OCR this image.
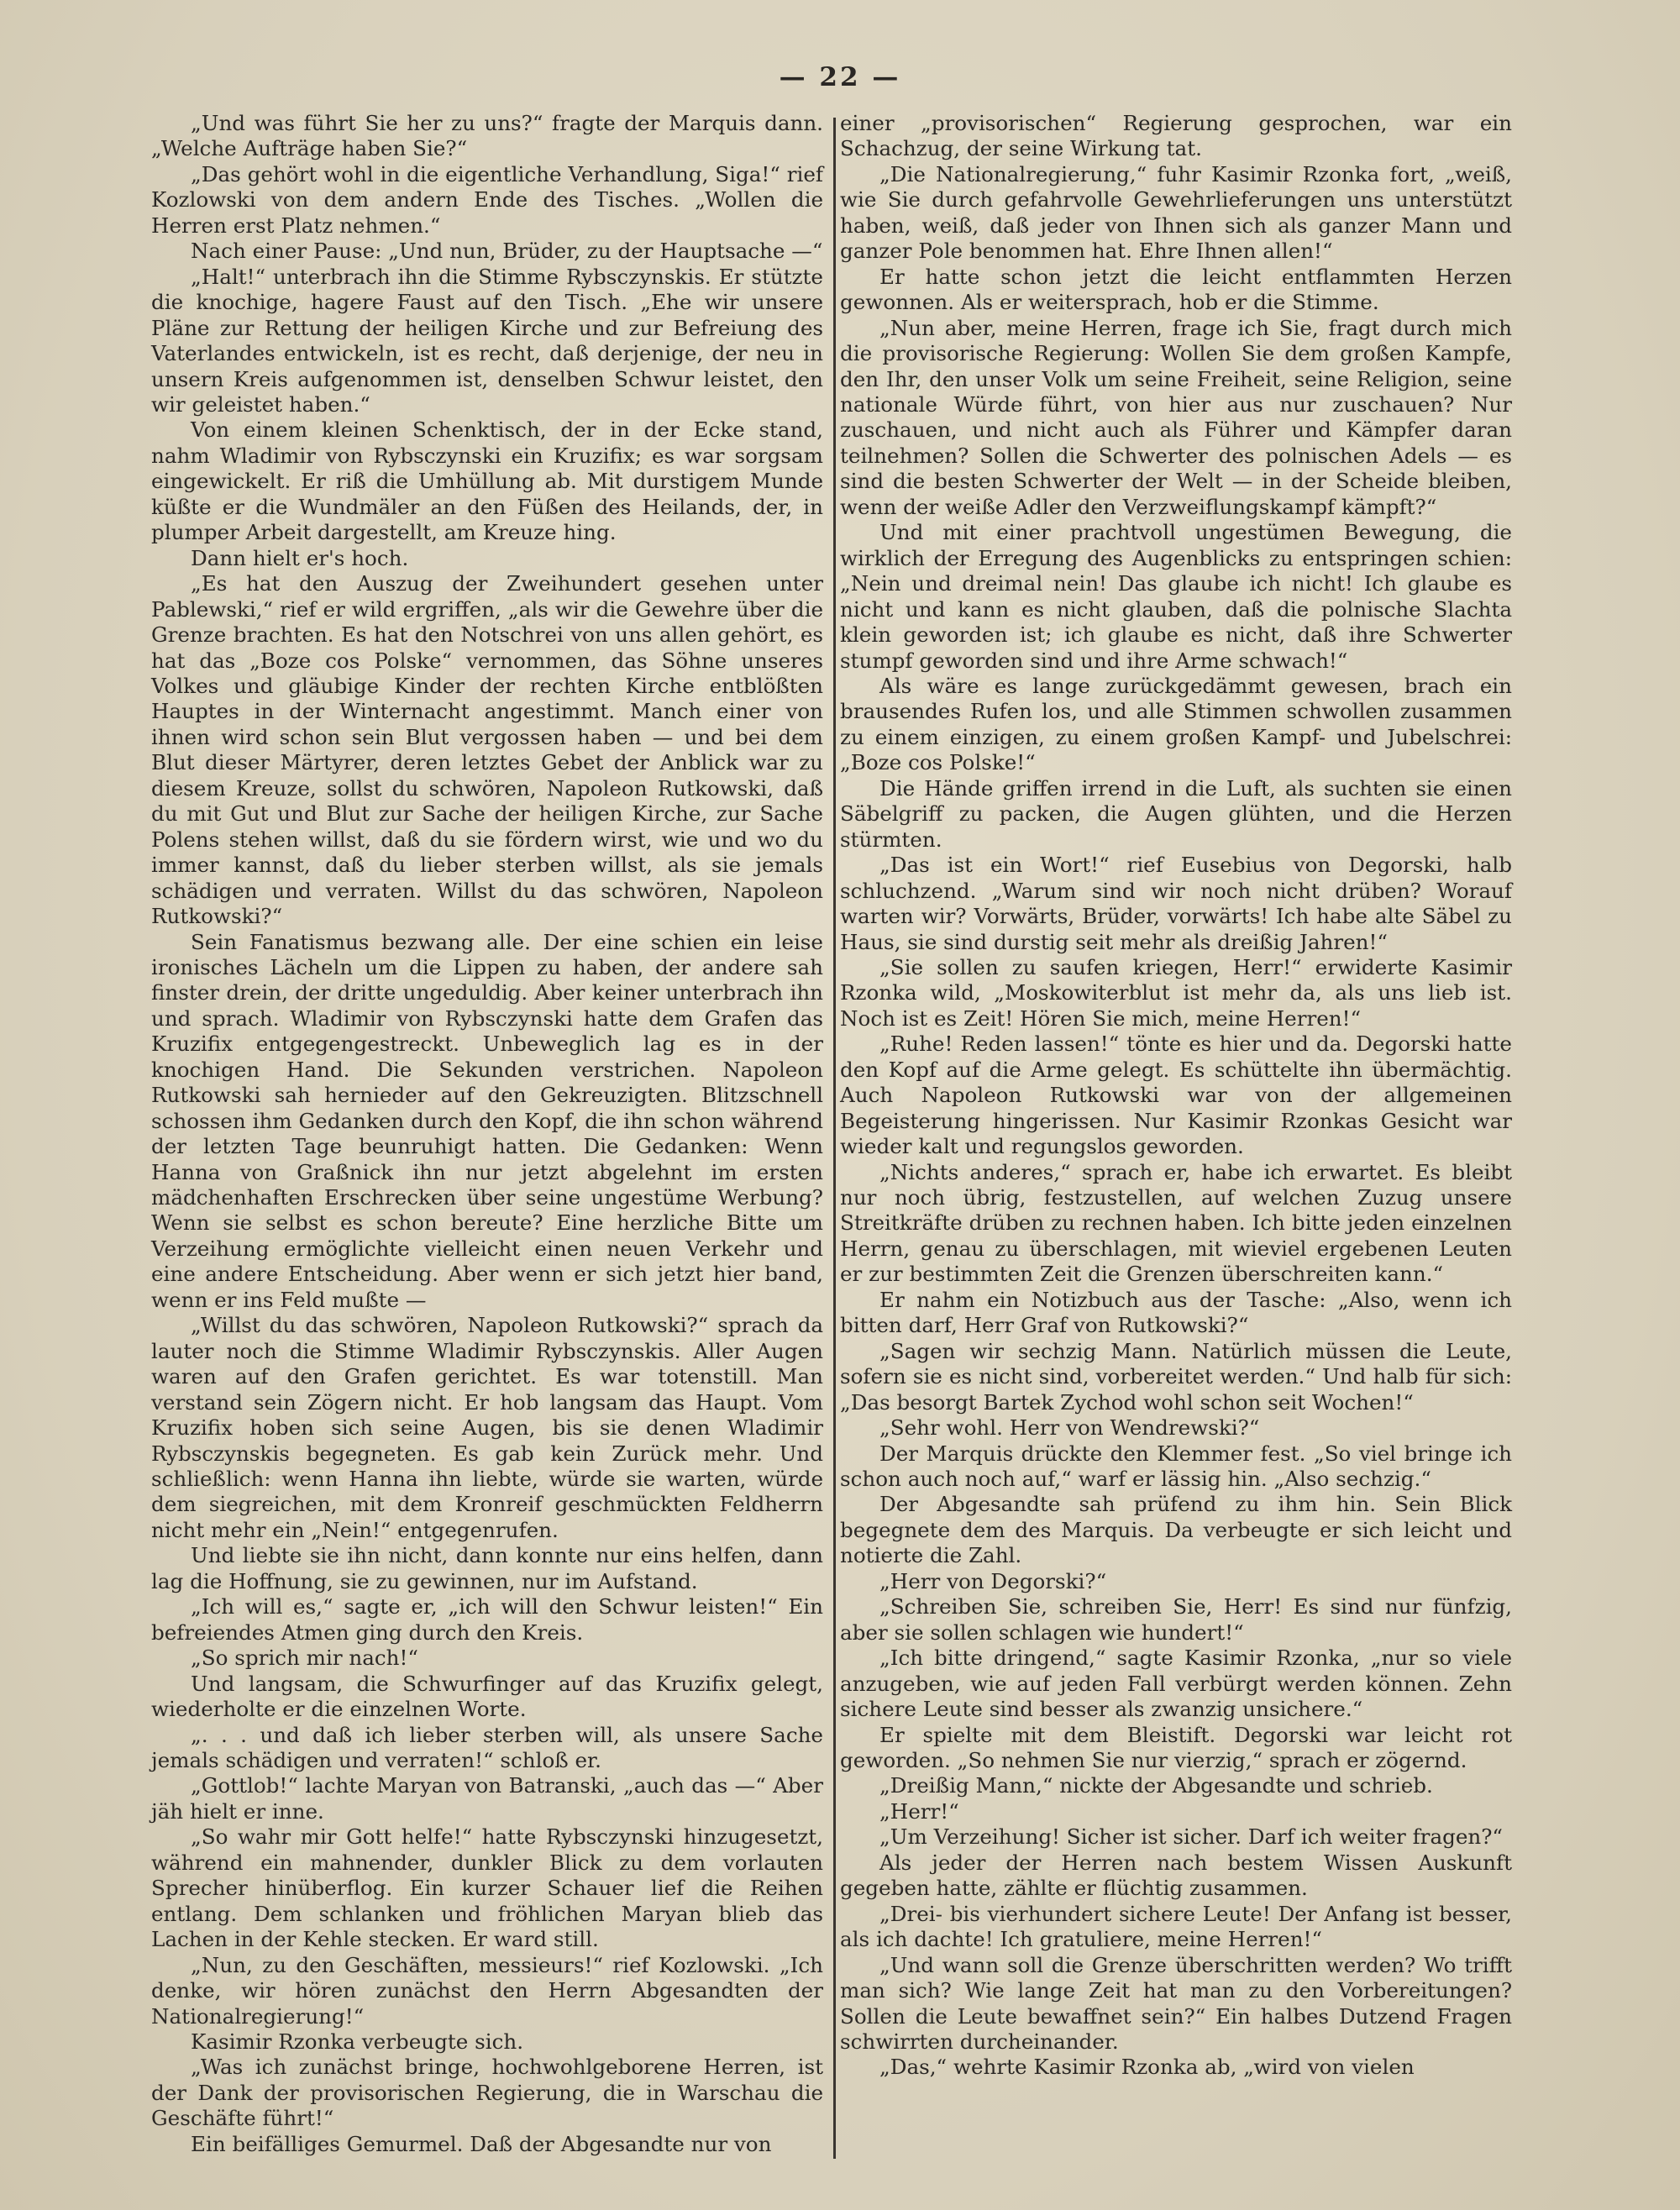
— 22 —

„Und was führt Sie her zu uns?“ fragte der Marquis dann. „Welche Aufträge haben Sie?“

„Das gehört wohl in die eigentliche Verhandlung, Siga!“ rief Kozlowski von dem andern Ende des Tisches. „Wollen die Herren erst Platz nehmen.“

Nach einer Pause: „Und nun, Brüder, zu der Hauptsache —“

„Halt!“ unterbrach ihn die Stimme Rybsczynskis. Er stützte die knochige, hagere Faust auf den Tisch. „Ehe wir unsere Pläne zur Rettung der heiligen Kirche und zur Befreiung des Vaterlandes entwickeln, ist es recht, daß derjenige, der neu in unsern Kreis aufgenommen ist, denselben Schwur leistet, den wir geleistet haben.“

Von einem kleinen Schenktisch, der in der Ecke stand, nahm Wladimir von Rybsczynski ein Kruzifix; es war sorgsam eingewickelt. Er riß die Umhüllung ab. Mit durstigem Munde küßte er die Wundmäler an den Füßen des Heilands, der, in plumper Arbeit dargestellt, am Kreuze hing.

Dann hielt er's hoch.

„Es hat den Auszug der Zweihundert gesehen unter Pablewski,“ rief er wild ergriffen, „als wir die Gewehre über die Grenze brachten. Es hat den Notschrei von uns allen gehört, es hat das „Boze cos Polske“ vernommen, das Söhne unseres Volkes und gläubige Kinder der rechten Kirche entblößten Hauptes in der Winternacht angestimmt. Manch einer von ihnen wird schon sein Blut vergossen haben — und bei dem Blut dieser Märtyrer, deren letztes Gebet der Anblick war zu diesem Kreuze, sollst du schwören, Napoleon Rutkowski, daß du mit Gut und Blut zur Sache der heiligen Kirche, zur Sache Polens stehen willst, daß du sie fördern wirst, wie und wo du immer kannst, daß du lieber sterben willst, als sie jemals schädigen und verraten. Willst du das schwören, Napoleon Rutkowski?“

Sein Fanatismus bezwang alle. Der eine schien ein leise ironisches Lächeln um die Lippen zu haben, der andere sah finster drein, der dritte ungeduldig. Aber keiner unterbrach ihn und sprach. Wladimir von Rybsczynski hatte dem Grafen das Kruzifix entgegengestreckt. Unbeweglich lag es in der knochigen Hand. Die Sekunden verstrichen. Napoleon Rutkowski sah hernieder auf den Gekreuzigten. Blitzschnell schossen ihm Gedanken durch den Kopf, die ihn schon während der letzten Tage beunruhigt hatten. Die Gedanken: Wenn Hanna von Graßnick ihn nur jetzt abgelehnt im ersten mädchenhaften Erschrecken über seine ungestüme Werbung? Wenn sie selbst es schon bereute? Eine herzliche Bitte um Verzeihung ermöglichte vielleicht einen neuen Verkehr und eine andere Entscheidung. Aber wenn er sich jetzt hier band, wenn er ins Feld mußte —

„Willst du das schwören, Napoleon Rutkowski?“ sprach da lauter noch die Stimme Wladimir Rybsczynskis. Aller Augen waren auf den Grafen gerichtet. Es war totenstill. Man verstand sein Zögern nicht. Er hob langsam das Haupt. Vom Kruzifix hoben sich seine Augen, bis sie denen Wladimir Rybsczynskis begegneten. Es gab kein Zurück mehr. Und schließlich: wenn Hanna ihn liebte, würde sie warten, würde dem siegreichen, mit dem Kronreif geschmückten Feldherrn nicht mehr ein „Nein!“ entgegenrufen.

Und liebte sie ihn nicht, dann konnte nur eins helfen, dann lag die Hoffnung, sie zu gewinnen, nur im Aufstand.

„Ich will es,“ sagte er, „ich will den Schwur leisten!“ Ein befreiendes Atmen ging durch den Kreis.

„So sprich mir nach!“

Und langsam, die Schwurfinger auf das Kruzifix gelegt, wiederholte er die einzelnen Worte.

„. . . und daß ich lieber sterben will, als unsere Sache jemals schädigen und verraten!“ schloß er.

„Gottlob!“ lachte Maryan von Batranski, „auch das —“ Aber jäh hielt er inne.

„So wahr mir Gott helfe!“ hatte Rybsczynski hinzugesetzt, während ein mahnender, dunkler Blick zu dem vorlauten Sprecher hinüberflog. Ein kurzer Schauer lief die Reihen entlang. Dem schlanken und fröhlichen Maryan blieb das Lachen in der Kehle stecken. Er ward still.

„Nun, zu den Geschäften, messieurs!“ rief Kozlowski. „Ich denke, wir hören zunächst den Herrn Abgesandten der Nationalregierung!“

Kasimir Rzonka verbeugte sich.

„Was ich zunächst bringe, hochwohlgeborene Herren, ist der Dank der provisorischen Regierung, die in Warschau die Geschäfte führt!“

Ein beifälliges Gemurmel. Daß der Abgesandte nur von

einer „provisorischen“ Regierung gesprochen, war ein Schachzug, der seine Wirkung tat.

„Die Nationalregierung,“ fuhr Kasimir Rzonka fort, „weiß, wie Sie durch gefahrvolle Gewehrlieferungen uns unterstützt haben, weiß, daß jeder von Ihnen sich als ganzer Mann und ganzer Pole benommen hat. Ehre Ihnen allen!“

Er hatte schon jetzt die leicht entflammten Herzen gewonnen. Als er weitersprach, hob er die Stimme.

„Nun aber, meine Herren, frage ich Sie, fragt durch mich die provisorische Regierung: Wollen Sie dem großen Kampfe, den Ihr, den unser Volk um seine Freiheit, seine Religion, seine nationale Würde führt, von hier aus nur zuschauen? Nur zuschauen, und nicht auch als Führer und Kämpfer daran teilnehmen? Sollen die Schwerter des polnischen Adels — es sind die besten Schwerter der Welt — in der Scheide bleiben, wenn der weiße Adler den Verzweiflungskampf kämpft?“

Und mit einer prachtvoll ungestümen Bewegung, die wirklich der Erregung des Augenblicks zu entspringen schien: „Nein und dreimal nein! Das glaube ich nicht! Ich glaube es nicht und kann es nicht glauben, daß die polnische Slachta klein geworden ist; ich glaube es nicht, daß ihre Schwerter stumpf geworden sind und ihre Arme schwach!“

Als wäre es lange zurückgedämmt gewesen, brach ein brausendes Rufen los, und alle Stimmen schwollen zusammen zu einem einzigen, zu einem großen Kampf- und Jubelschrei: „Boze cos Polske!“

Die Hände griffen irrend in die Luft, als suchten sie einen Säbelgriff zu packen, die Augen glühten, und die Herzen stürmten.

„Das ist ein Wort!“ rief Eusebius von Degorski, halb schluchzend. „Warum sind wir noch nicht drüben? Worauf warten wir? Vorwärts, Brüder, vorwärts! Ich habe alte Säbel zu Haus, sie sind durstig seit mehr als dreißig Jahren!“

„Sie sollen zu saufen kriegen, Herr!“ erwiderte Kasimir Rzonka wild, „Moskowiterblut ist mehr da, als uns lieb ist. Noch ist es Zeit! Hören Sie mich, meine Herren!“

„Ruhe! Reden lassen!“ tönte es hier und da. Degorski hatte den Kopf auf die Arme gelegt. Es schüttelte ihn übermächtig. Auch Napoleon Rutkowski war von der allgemeinen Begeisterung hingerissen. Nur Kasimir Rzonkas Gesicht war wieder kalt und regungslos geworden.

„Nichts anderes,“ sprach er, habe ich erwartet. Es bleibt nur noch übrig, festzustellen, auf welchen Zuzug unsere Streitkräfte drüben zu rechnen haben. Ich bitte jeden einzelnen Herrn, genau zu überschlagen, mit wieviel ergebenen Leuten er zur bestimmten Zeit die Grenzen überschreiten kann.“

Er nahm ein Notizbuch aus der Tasche: „Also, wenn ich bitten darf, Herr Graf von Rutkowski?“

„Sagen wir sechzig Mann. Natürlich müssen die Leute, sofern sie es nicht sind, vorbereitet werden.“ Und halb für sich: „Das besorgt Bartek Zychod wohl schon seit Wochen!“

„Sehr wohl. Herr von Wendrewski?“

Der Marquis drückte den Klemmer fest. „So viel bringe ich schon auch noch auf,“ warf er lässig hin. „Also sechzig.“

Der Abgesandte sah prüfend zu ihm hin. Sein Blick begegnete dem des Marquis. Da verbeugte er sich leicht und notierte die Zahl.

„Herr von Degorski?“

„Schreiben Sie, schreiben Sie, Herr! Es sind nur fünfzig, aber sie sollen schlagen wie hundert!“

„Ich bitte dringend,“ sagte Kasimir Rzonka, „nur so viele anzugeben, wie auf jeden Fall verbürgt werden können. Zehn sichere Leute sind besser als zwanzig unsichere.“

Er spielte mit dem Bleistift. Degorski war leicht rot geworden. „So nehmen Sie nur vierzig,“ sprach er zögernd.

„Dreißig Mann,“ nickte der Abgesandte und schrieb.

„Herr!“

„Um Verzeihung! Sicher ist sicher. Darf ich weiter fragen?“

Als jeder der Herren nach bestem Wissen Auskunft gegeben hatte, zählte er flüchtig zusammen.

„Drei- bis vierhundert sichere Leute! Der Anfang ist besser, als ich dachte! Ich gratuliere, meine Herren!“

„Und wann soll die Grenze überschritten werden? Wo trifft man sich? Wie lange Zeit hat man zu den Vorbereitungen? Sollen die Leute bewaffnet sein?“ Ein halbes Dutzend Fragen schwirrten durcheinander.

„Das,“ wehrte Kasimir Rzonka ab, „wird von vielen
